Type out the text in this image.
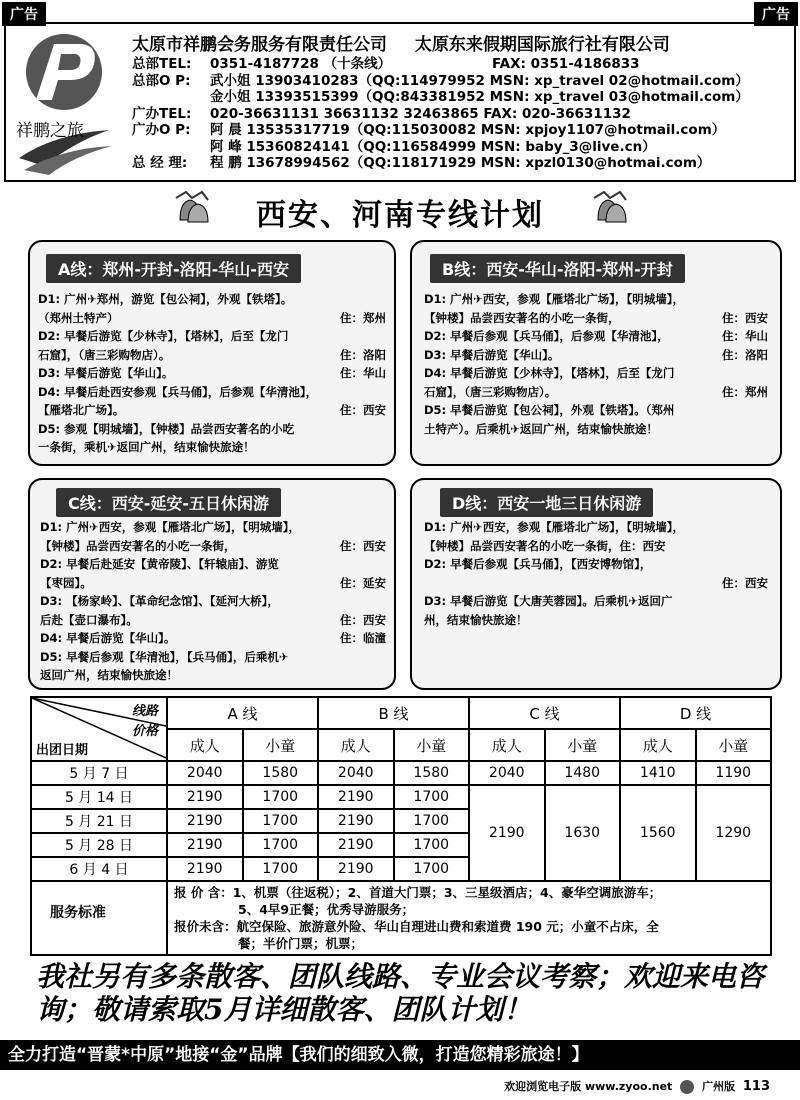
广告	广告
祥鹏之旅
太原市祥鹏会务服务有限责任公司 太原东来假期国际旅行社有限公司
总部TEL: 0351-4187728 （十条线）	FAX: 0351-4186833
总部O P: 武小姐 13903410283（QQ:114979952 MSN: xp_travel 02@hotmail.com）
金小姐 13393515399（QQ:843381952 MSN: xp_travel 03@hotmail.com）
广办TEL: 020-36631131 36631132 32463865 FAX: 020-36631132
广办O P: 阿 晨 13535317719（QQ:115030082 MSN: xpjoy1107@hotmail.com）
阿 峰 15360824141（QQ:116584999 MSN: baby_3@live.cn）
总 经 理: 程 鹏 13678994562（QQ:118171929 MSN: xpzl0130@hotmai.com）
西安、河南专线计划
A线：郑州-开封-洛阳-华山-西安
D1: 广州✈郑州，游览【包公祠】，外观【铁塔】。
（郑州土特产）	住：郑州
D2: 早餐后游览【少林寺】，【塔林】，后至【龙门
石窟】，（唐三彩购物店）。	住：洛阳
D3: 早餐后游览【华山】。	住：华山
D4: 早餐后赴西安参观【兵马俑】，后参观【华清池】，
【雁塔北广场】。	住：西安
D5: 参观【明城墙】，【钟楼】品尝西安著名的小吃
一条街，乘机✈返回广州，结束愉快旅途！
B线：西安-华山-洛阳-郑州-开封
D1: 广州✈西安，参观【雁塔北广场】，【明城墙】，
【钟楼】品尝西安著名的小吃一条街，	住：西安
D2: 早餐后参观【兵马俑】，后参观【华清池】，	住：华山
D3: 早餐后游览【华山】。	住：洛阳
D4: 早餐后游览【少林寺】，【塔林】，后至【龙门
石窟】，（唐三彩购物店）。	住：郑州
D5: 早餐后游览【包公祠】，外观【铁塔】。（郑州
土特产）。后乘机✈返回广州，结束愉快旅途！
C线：西安-延安-五日休闲游
D1: 广州✈西安，参观【雁塔北广场】，【明城墙】，
【钟楼】品尝西安著名的小吃一条街，	住：西安
D2: 早餐后赴延安【黄帝陵】、【轩辕庙】、游览
【枣园】。	住：延安
D3: 【杨家岭】、【革命纪念馆】、【延河大桥】，
后赴【壶口瀑布】。	住：西安
D4: 早餐后游览【华山】。	住：临潼
D5: 早餐后参观【华清池】，【兵马俑】，后乘机✈
返回广州，结束愉快旅途！
D线：西安一地三日休闲游
D1: 广州✈西安，参观【雁塔北广场】，【明城墙】，
【钟楼】品尝西安著名的小吃一条街，住：西安
D2: 早餐后参观【兵马俑】，【西安博物馆】，
住：西安
D3: 早餐后游览【大唐芙蓉园】。后乘机✈返回广
州，结束愉快旅途！
线路
价格
出团日期	A 线		B 线		C 线		D 线	
	成人	小童	成人	小童	成人	小童	成人	小童
5 月 7 日	2040	1580	2040	1580	2040	1480	1410	1190
5 月 14 日	2190	1700	2190	1700	2190	1630	1560	1290
5 月 21 日	2190	1700	2190	1700				
5 月 28 日	2190	1700	2190	1700				
6 月 4 日	2190	1700	2190	1700				
服务标准
报 价 含：1、机票（往返税）；2、首道大门票；3、三星级酒店；4、豪华空调旅游车；
5、4早9正餐；优秀导游服务；
报价未含：航空保险、旅游意外险、华山自理进山费和索道费 190 元；小童不占床，全
餐；半价门票；机票；
我社另有多条散客、团队线路、专业会议考察；欢迎来电咨询；敬请索取5月详细散客、团队计划！
全力打造“晋蒙*中原”地接“金”品牌【我们的细致入微，打造您精彩旅途！】
欢迎浏览电子版 www.zyoo.net	广州版 113
